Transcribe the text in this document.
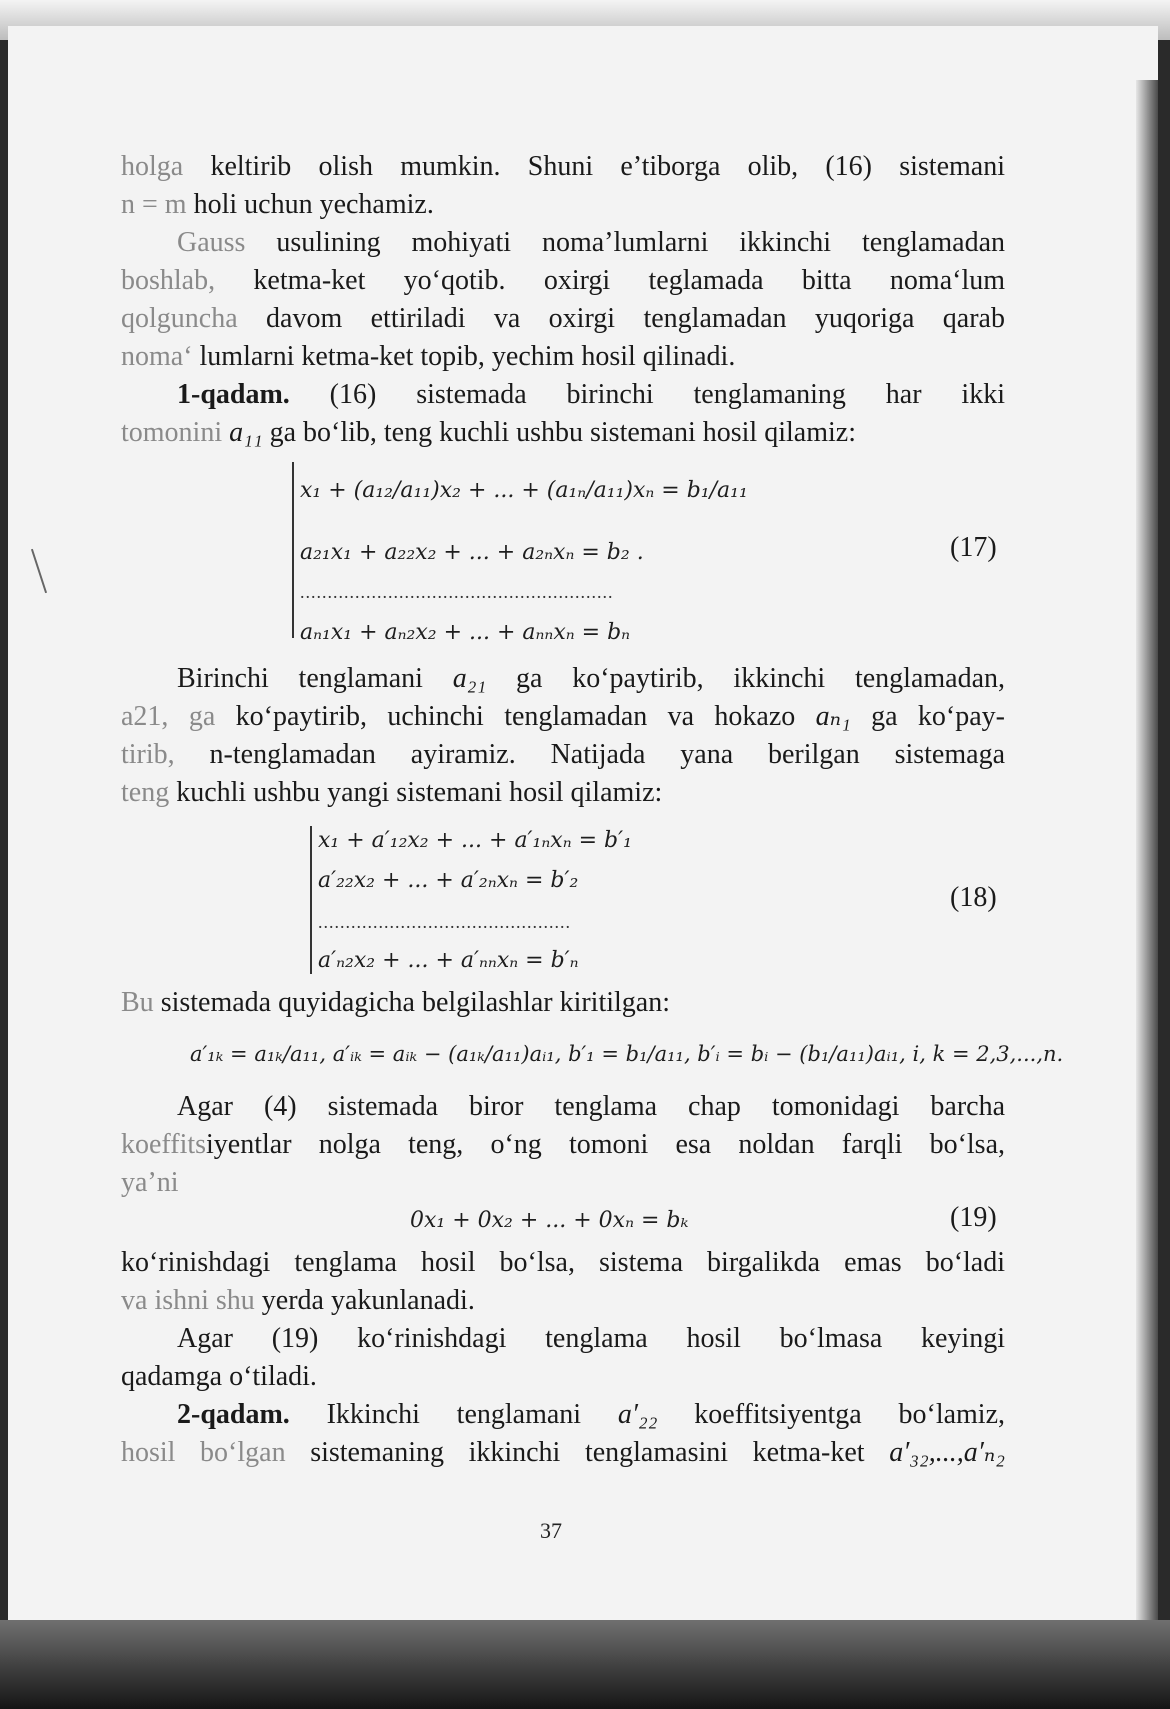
holga keltirib olish mumkin. Shuni e’tiborga olib, (16) sistemani

n = m holi uchun yechamiz.

Gauss usulining mohiyati noma’lumlarni ikkinchi tenglamadan

boshlab, ketma-ket yo‘qotib. oxirgi teglamada bitta noma‘lum

qolguncha davom ettiriladi va oxirgi tenglamadan yuqoriga qarab

noma‘ lumlarni ketma-ket topib, yechim hosil qilinadi.

1-qadam. (16) sistemada birinchi tenglamaning har ikki

tomonini a₁₁ ga bo‘lib, teng kuchli ushbu sistemani hosil qilamiz:

x₁ + (a₁₂/a₁₁)x₂ + ... + (a₁ₙ/a₁₁)xₙ = b₁/a₁₁
a₂₁x₁ + a₂₂x₂ + ... + a₂ₙxₙ = b₂ .
.........................................................
aₙ₁x₁ + aₙ₂x₂ + ... + aₙₙxₙ = bₙ
(17)

Birinchi tenglamani a₂₁ ga ko‘paytirib, ikkinchi tenglamadan,

a21, ga ko‘paytirib, uchinchi tenglamadan va hokazo aₙ₁ ga ko‘pay-

tirib, n-tenglamadan ayiramiz. Natijada yana berilgan sistemaga

teng kuchli ushbu yangi sistemani hosil qilamiz:

x₁ + a′₁₂x₂ + ... + a′₁ₙxₙ = b′₁
a′₂₂x₂ + ... + a′₂ₙxₙ = b′₂
..............................................
a′ₙ₂x₂ + ... + a′ₙₙxₙ = b′ₙ
(18)

Bu sistemada quyidagicha belgilashlar kiritilgan:

a′₁ₖ = a₁ₖ/a₁₁, a′ᵢₖ = aᵢₖ − (a₁ₖ/a₁₁)aᵢ₁, b′₁ = b₁/a₁₁, b′ᵢ = bᵢ − (b₁/a₁₁)aᵢ₁, i, k = 2,3,...,n.

Agar (4) sistemada biror tenglama chap tomonidagi barcha

koeffitsiyentlar nolga teng, o‘ng tomoni esa noldan farqli bo‘lsa,

ya’ni

0x₁ + 0x₂ + ... + 0xₙ = bₖ	(19)

ko‘rinishdagi tenglama hosil bo‘lsa, sistema birgalikda emas bo‘ladi

va ishni shu yerda yakunlanadi.

Agar (19) ko‘rinishdagi tenglama hosil bo‘lmasa keyingi

qadamga o‘tiladi.

2-qadam. Ikkinchi tenglamani a′₂₂ koeffitsiyentga bo‘lamiz,

hosil bo‘lgan sistemaning ikkinchi tenglamasini ketma-ket a′₃₂,...,a′ₙ₂

37
